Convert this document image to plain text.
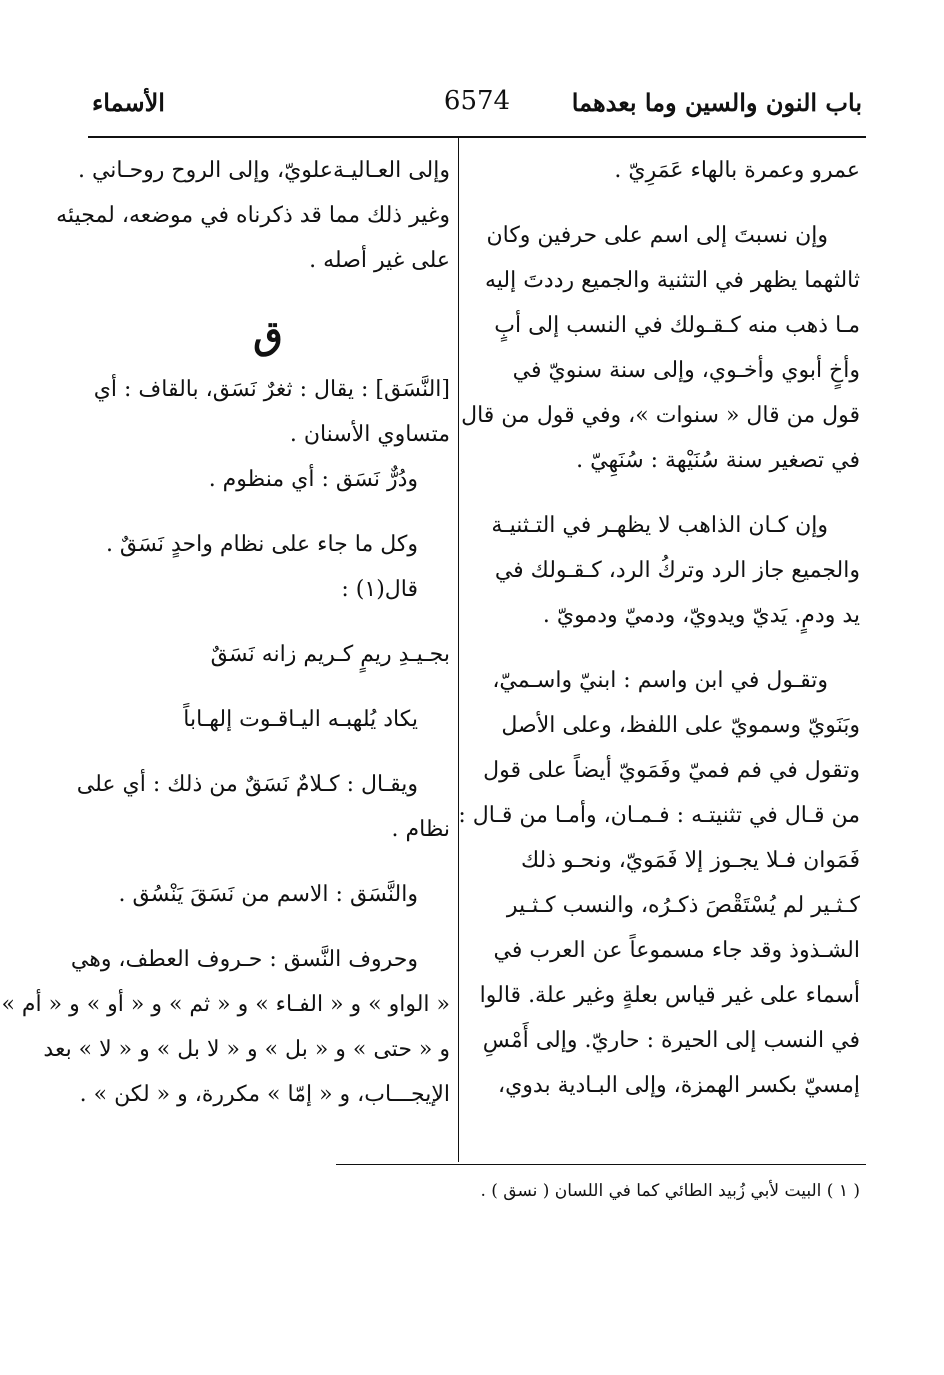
باب النون والسين وما بعدهما
6574
الأسماء
عمرو وعمرة بالهاء عَمَرِيّ .
وإن نسبتَ إلى اسم على حرفين وكان
ثالثهما يظهر في التثنية والجميع رددتَ إليه
مـا ذهب منه كـقـولك في النسب إلى أبٍ
وأخٍ أبوي وأخـوي، وإلى سنة سنويّ في
قول من قال « سنوات »، وفي قول من قال
في تصغير سنة سُنَيْهة : سُنَهِيّ .
وإن كـان الذاهب لا يظهـر في التـثنيـة
والجميع جاز الرد وتركُ الرد، كـقـولك في
يد ودمٍ. يَديّ ويدويّ، ودميّ ودمويّ .
وتقـول في ابن واسم : ابنيّ واسـميّ،
وبَنَويّ وسمويّ على اللفظ، وعلى الأصل
وتقول في فم فميّ وفَمَويّ أيضاً على قول
من قـال في تثنيتـه : فـمـان، وأمـا من قـال :
فَمَوان فـلا يجـوز إلا فَمَويّ، ونحـو ذلك
كـثـير لم يُسْتَقْصَ ذكـرُه، والنسب كـثـير
الشـذوذ وقد جاء مسموعاً عن العرب في
أسماء على غير قياس بعلةٍ وغير علة. قالوا
في النسب إلى الحيرة : حاريّ. وإلى أَمْسِ
إمسيّ بكسر الهمزة، وإلى البـادية بدوي،
وإلى العـاليـةعلويّ، وإلى الروح روحـاني .
وغير ذلك مما قد ذكرناه في موضعه، لمجيئه
على غير أصله .
ق
[النَّسَق] : يقال : ثغرٌ نَسَق، بالقاف : أي
متساوي الأسنان .
ودُرٌّ نَسَق : أي منظوم .
وكل ما جاء على نظام واحدٍ نَسَقٌ .
قال(١) :
بجـيـدِ ريمٍ كـريم زانه نَسَقٌ
يكاد يُلهبـه اليـاقـوت إلهـاباً
ويقـال : كـلامٌ نَسَقٌ من ذلك : أي على
نظام .
والنَّسَق : الاسم من نَسَقَ يَنْسُق .
وحروف النَّسق : حـروف العطف، وهي
« الواو » و « الفـاء » و « ثم » و « أو » و « أم »
و « حتى » و « بل » و « لا بل » و « لا » بعد
الإيجـــاب، و « إمّا » مكررة، و « لكن » .
( ١ ) البيت لأبي زُبيد الطائي كما في اللسان ( نسق ) .
